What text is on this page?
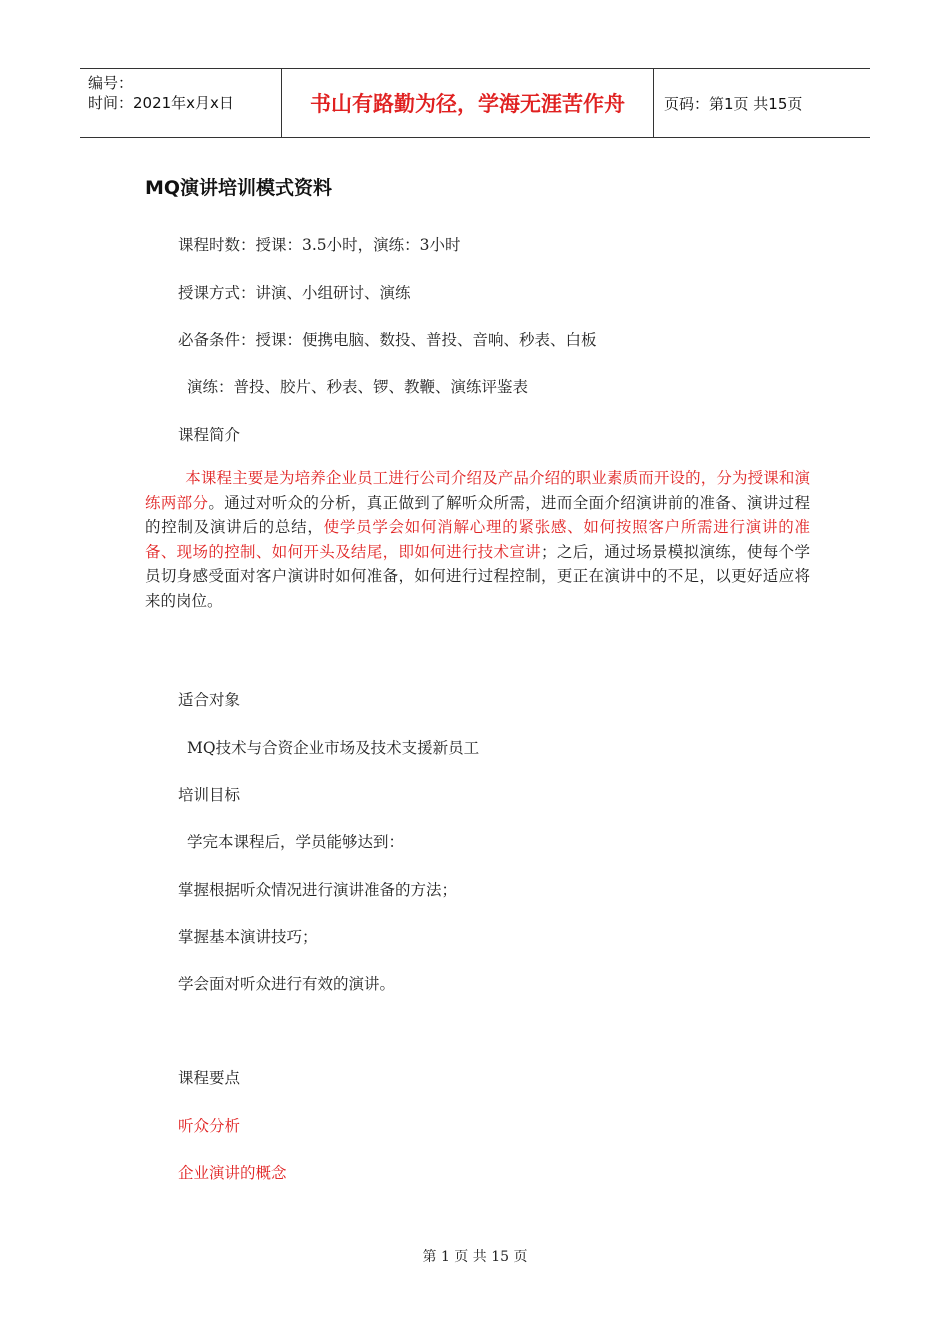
编号：
时间：2021年x月x日	书山有路勤为径，学海无涯苦作舟	页码：第1页 共15页
MQ演讲培训模式资料
课程时数：授课：3.5小时，演练：3小时
授课方式：讲演、小组研讨、演练
必备条件：授课：便携电脑、数投、普投、音响、秒表、白板
演练：普投、胶片、秒表、锣、教鞭、演练评鉴表
课程简介
本课程主要是为培养企业员工进行公司介绍及产品介绍的职业素质而开设的，分为授课和演练两部分。通过对听众的分析，真正做到了解听众所需，进而全面介绍演讲前的准备、演讲过程的控制及演讲后的总结，使学员学会如何消解心理的紧张感、如何按照客户所需进行演讲的准备、现场的控制、如何开头及结尾，即如何进行技术宣讲；之后，通过场景模拟演练，使每个学员切身感受面对客户演讲时如何准备，如何进行过程控制，更正在演讲中的不足，以更好适应将来的岗位。
适合对象
MQ技术与合资企业市场及技术支援新员工
培训目标
学完本课程后，学员能够达到：
掌握根据听众情况进行演讲准备的方法；
掌握基本演讲技巧；
学会面对听众进行有效的演讲。
课程要点
听众分析
企业演讲的概念
第 1 页 共 15 页
